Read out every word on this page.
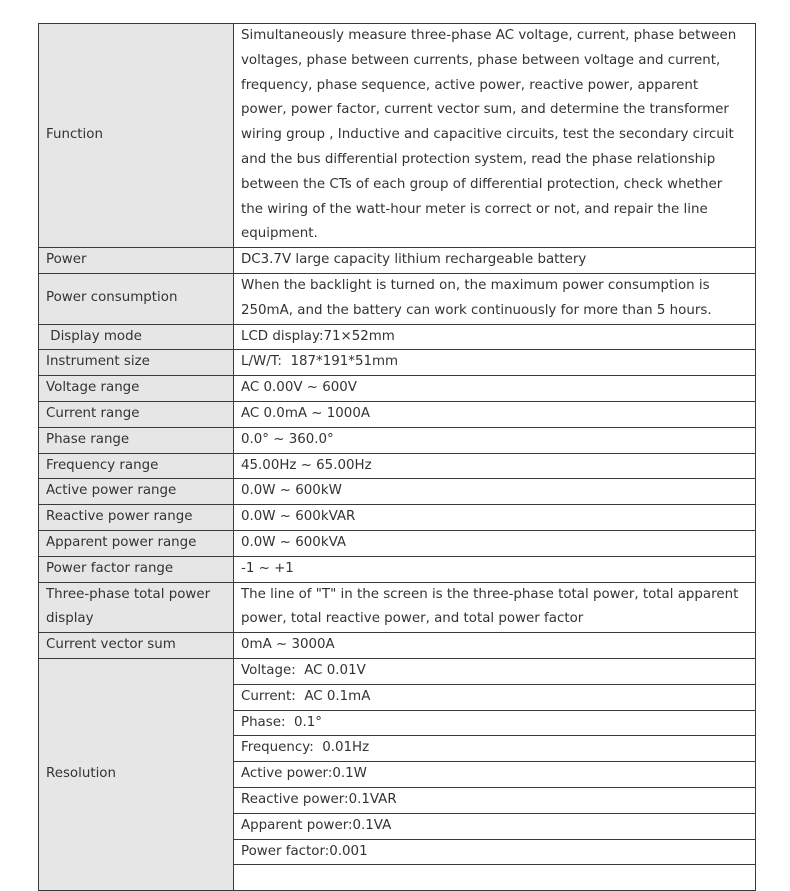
Function	Simultaneously measure three-phase AC voltage, current, phase between voltages, phase between currents, phase between voltage and current, frequency, phase sequence, active power, reactive power, apparent power, power factor, current vector sum, and determine the transformer wiring group , Inductive and capacitive circuits, test the secondary circuit and the bus differential protection system, read the phase relationship between the CTs of each group of differential protection, check whether the wiring of the watt-hour meter is correct or not, and repair the line equipment.
Power	DC3.7V large capacity lithium rechargeable battery
Power consumption	When the backlight is turned on, the maximum power consumption is 250mA, and the battery can work continuously for more than 5 hours.
Display mode	LCD display:71×52mm
Instrument size	L/W/T:  187*191*51mm
Voltage range	AC 0.00V ~ 600V
Current range	AC 0.0mA ~ 1000A
Phase range	0.0° ~ 360.0°
Frequency range	45.00Hz ~ 65.00Hz
Active power range	0.0W ~ 600kW
Reactive power range	0.0W ~ 600kVAR
Apparent power range	0.0W ~ 600kVA
Power factor range	-1 ~ +1
Three-phase total power display	The line of "T" in the screen is the three-phase total power, total apparent power, total reactive power, and total power factor
Current vector sum	0mA ~ 3000A
Resolution	Voltage:  AC 0.01V
	Current:  AC 0.1mA
	Phase:  0.1°
	Frequency:  0.01Hz
	Active power:0.1W
	Reactive power:0.1VAR
	Apparent power:0.1VA
	Power factor:0.001
